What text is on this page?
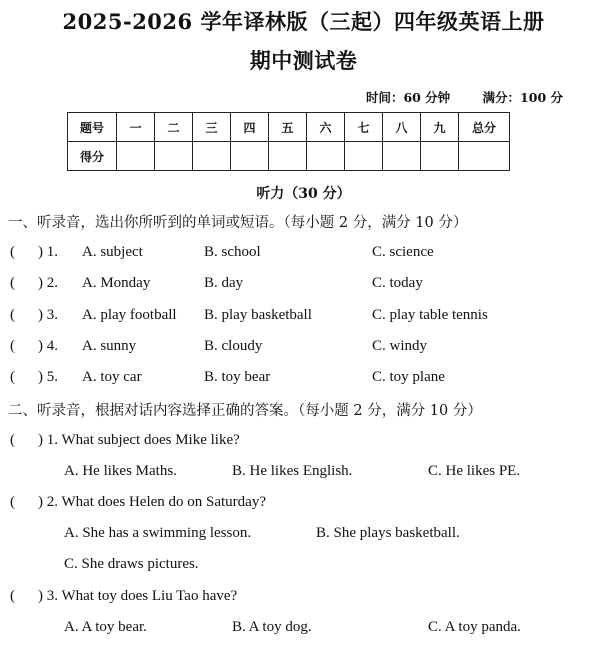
2025-2026 学年译林版（三起）四年级英语上册
期中测试卷
时间：60 分钟	满分：100 分
题号	一	二	三	四	五	六	七	八	九	总分
得分										
听力（30 分）
一、听录音，选出你所听到的单词或短语。（每小题 2 分，满分 10 分）
( ) 1. A. subject	B. school	C. science
( ) 2. A. Monday	B. day	C. today
( ) 3. A. play football B. play basketball	C. play table tennis
( ) 4. A. sunny	B. cloudy	C. windy
( ) 5. A. toy car	B. toy bear	C. toy plane
二、听录音，根据对话内容选择正确的答案。（每小题 2 分，满分 10 分）
( ) 1. What subject does Mike like?
A. He likes Maths.	B. He likes English.	C. He likes PE.
( ) 2. What does Helen do on Saturday?
A. She has a swimming lesson.	B. She plays basketball.
C. She draws pictures.
( ) 3. What toy does Liu Tao have?
A. A toy bear.	B. A toy dog.	C. A toy panda.
